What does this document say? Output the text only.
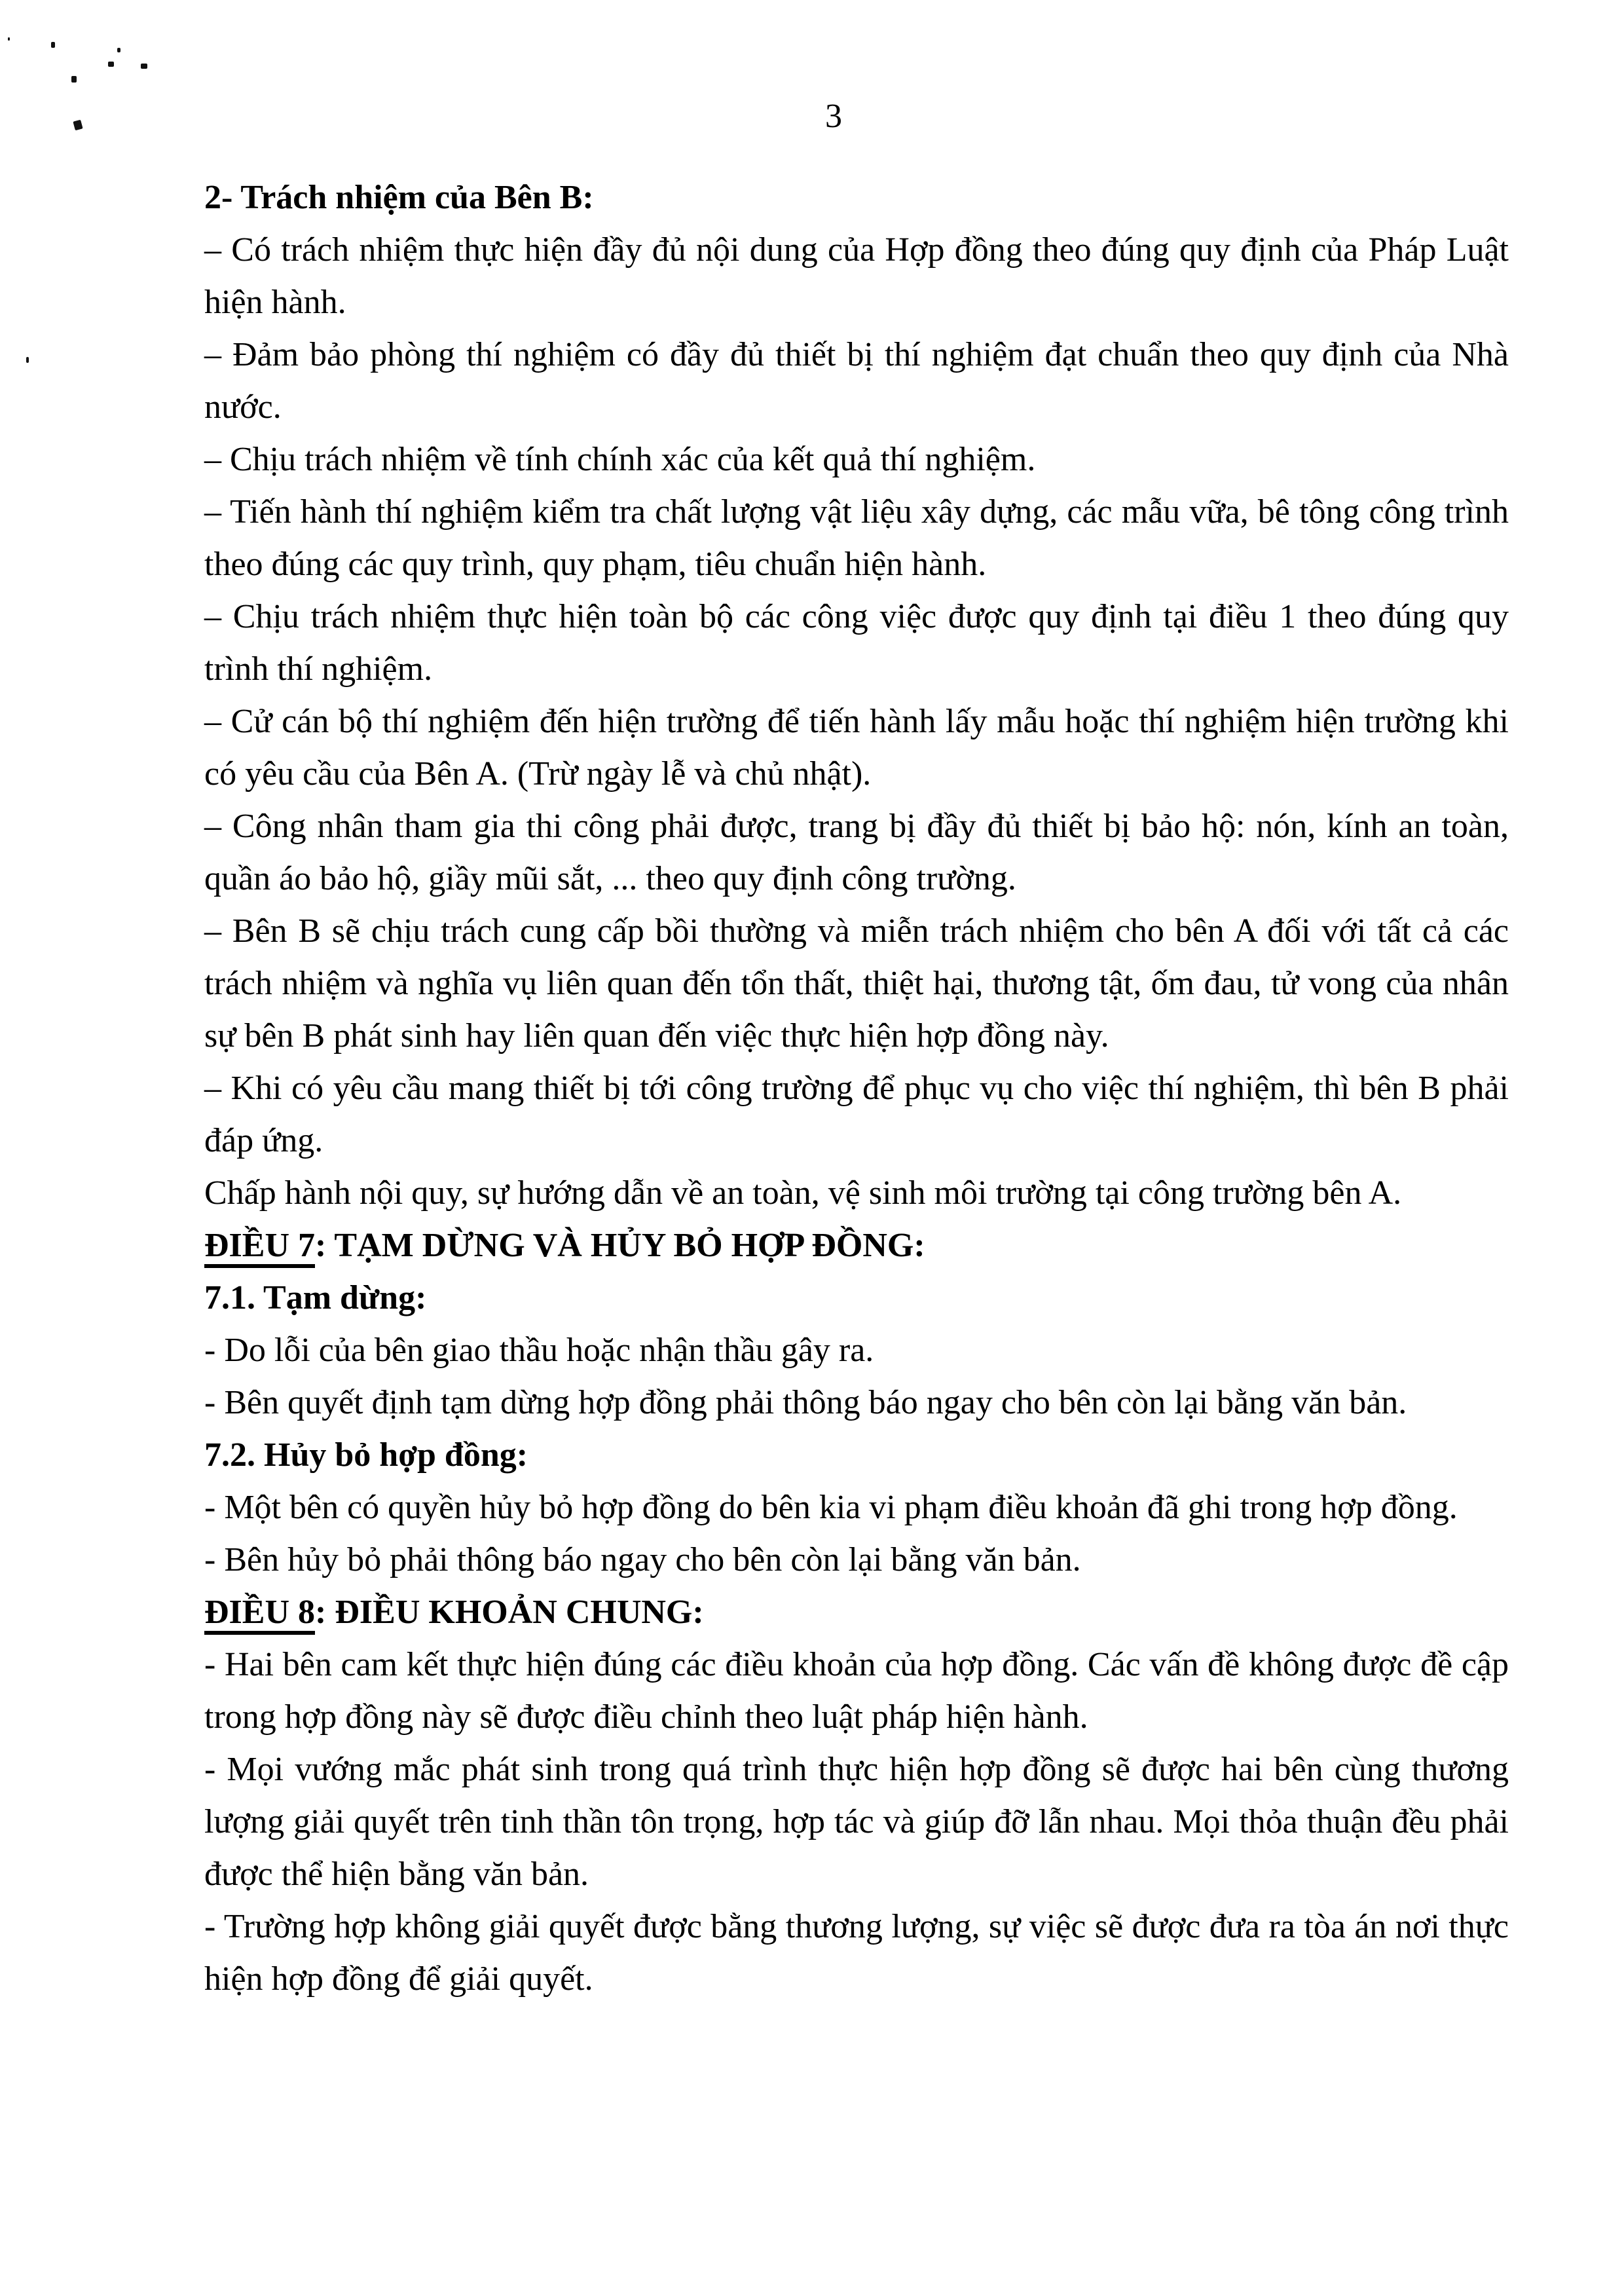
3

2- Trách nhiệm của Bên B:

– Có trách nhiệm thực hiện đầy đủ nội dung của Hợp đồng theo đúng quy định của Pháp Luật hiện hành.

– Đảm bảo phòng thí nghiệm có đầy đủ thiết bị thí nghiệm đạt chuẩn theo quy định của Nhà nước.

– Chịu trách nhiệm về tính chính xác của kết quả thí nghiệm.

– Tiến hành thí nghiệm kiểm tra chất lượng vật liệu xây dựng, các mẫu vữa, bê tông công trình theo đúng các quy trình, quy phạm, tiêu chuẩn hiện hành.

– Chịu trách nhiệm thực hiện toàn bộ các công việc được quy định tại điều 1 theo đúng quy trình thí nghiệm.

– Cử cán bộ thí nghiệm đến hiện trường để tiến hành lấy mẫu hoặc thí nghiệm hiện trường khi có yêu cầu của Bên A. (Trừ ngày lễ và chủ nhật).

– Công nhân tham gia thi công phải được, trang bị đầy đủ thiết bị bảo hộ: nón, kính an toàn, quần áo bảo hộ, giầy mũi sắt, ... theo quy định công trường.

– Bên B sẽ chịu trách cung cấp bồi thường và miễn trách nhiệm cho bên A đối với tất cả các trách nhiệm và nghĩa vụ liên quan đến tổn thất, thiệt hại, thương tật, ốm đau, tử vong của nhân sự bên B phát sinh hay liên quan đến việc thực hiện hợp đồng này.

– Khi có yêu cầu mang thiết bị tới công trường để phục vụ cho việc thí nghiệm, thì bên B phải đáp ứng.

Chấp hành nội quy, sự hướng dẫn về an toàn, vệ sinh môi trường tại công trường bên A.

ĐIỀU 7: TẠM DỪNG VÀ HỦY BỎ HỢP ĐỒNG:

7.1. Tạm dừng:

- Do lỗi của bên giao thầu hoặc nhận thầu gây ra.

- Bên quyết định tạm dừng hợp đồng phải thông báo ngay cho bên còn lại bằng văn bản.

7.2. Hủy bỏ hợp đồng:

- Một bên có quyền hủy bỏ hợp đồng do bên kia vi phạm điều khoản đã ghi trong hợp đồng.

- Bên hủy bỏ phải thông báo ngay cho bên còn lại bằng văn bản.

ĐIỀU 8: ĐIỀU KHOẢN CHUNG:

- Hai bên cam kết thực hiện đúng các điều khoản của hợp đồng. Các vấn đề không được đề cập trong hợp đồng này sẽ được điều chỉnh theo luật pháp hiện hành.

- Mọi vướng mắc phát sinh trong quá trình thực hiện hợp đồng sẽ được hai bên cùng thương lượng giải quyết trên tinh thần tôn trọng, hợp tác và giúp đỡ lẫn nhau. Mọi thỏa thuận đều phải được thể hiện bằng văn bản.

- Trường hợp không giải quyết được bằng thương lượng, sự việc sẽ được đưa ra tòa án nơi thực hiện hợp đồng để giải quyết.
